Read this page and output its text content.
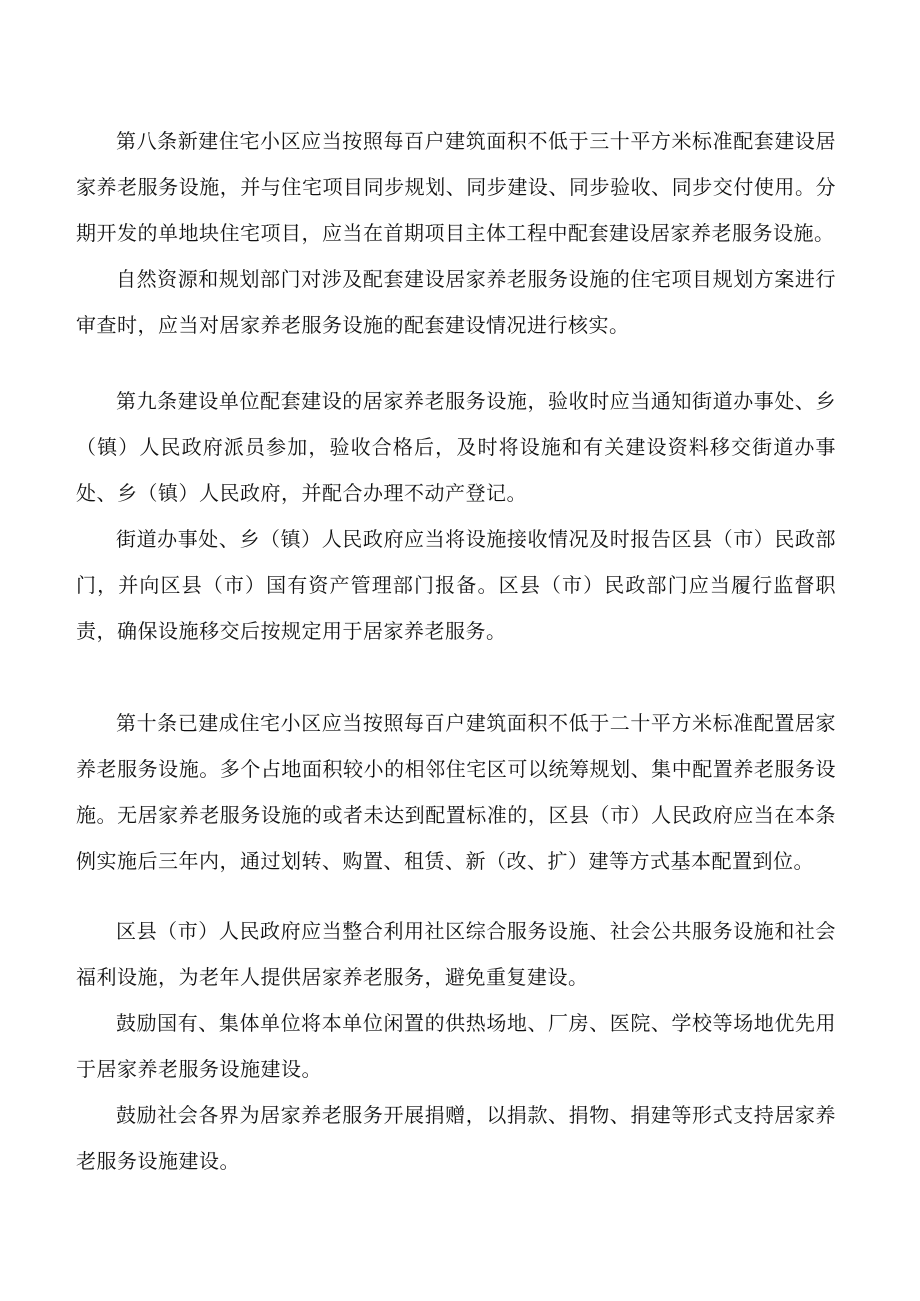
第八条新建住宅小区应当按照每百户建筑面积不低于三十平方米标准配套建设居家养老服务设施，并与住宅项目同步规划、同步建设、同步验收、同步交付使用。分期开发的单地块住宅项目，应当在首期项目主体工程中配套建设居家养老服务设施。

自然资源和规划部门对涉及配套建设居家养老服务设施的住宅项目规划方案进行审查时，应当对居家养老服务设施的配套建设情况进行核实。

第九条建设单位配套建设的居家养老服务设施，验收时应当通知街道办事处、乡（镇）人民政府派员参加，验收合格后，及时将设施和有关建设资料移交街道办事处、乡（镇）人民政府，并配合办理不动产登记。

街道办事处、乡（镇）人民政府应当将设施接收情况及时报告区县（市）民政部门，并向区县（市）国有资产管理部门报备。区县（市）民政部门应当履行监督职责，确保设施移交后按规定用于居家养老服务。

第十条已建成住宅小区应当按照每百户建筑面积不低于二十平方米标准配置居家养老服务设施。多个占地面积较小的相邻住宅区可以统筹规划、集中配置养老服务设施。无居家养老服务设施的或者未达到配置标准的，区县（市）人民政府应当在本条例实施后三年内，通过划转、购置、租赁、新（改、扩）建等方式基本配置到位。

区县（市）人民政府应当整合利用社区综合服务设施、社会公共服务设施和社会福利设施，为老年人提供居家养老服务，避免重复建设。

鼓励国有、集体单位将本单位闲置的供热场地、厂房、医院、学校等场地优先用于居家养老服务设施建设。

鼓励社会各界为居家养老服务开展捐赠，以捐款、捐物、捐建等形式支持居家养老服务设施建设。
